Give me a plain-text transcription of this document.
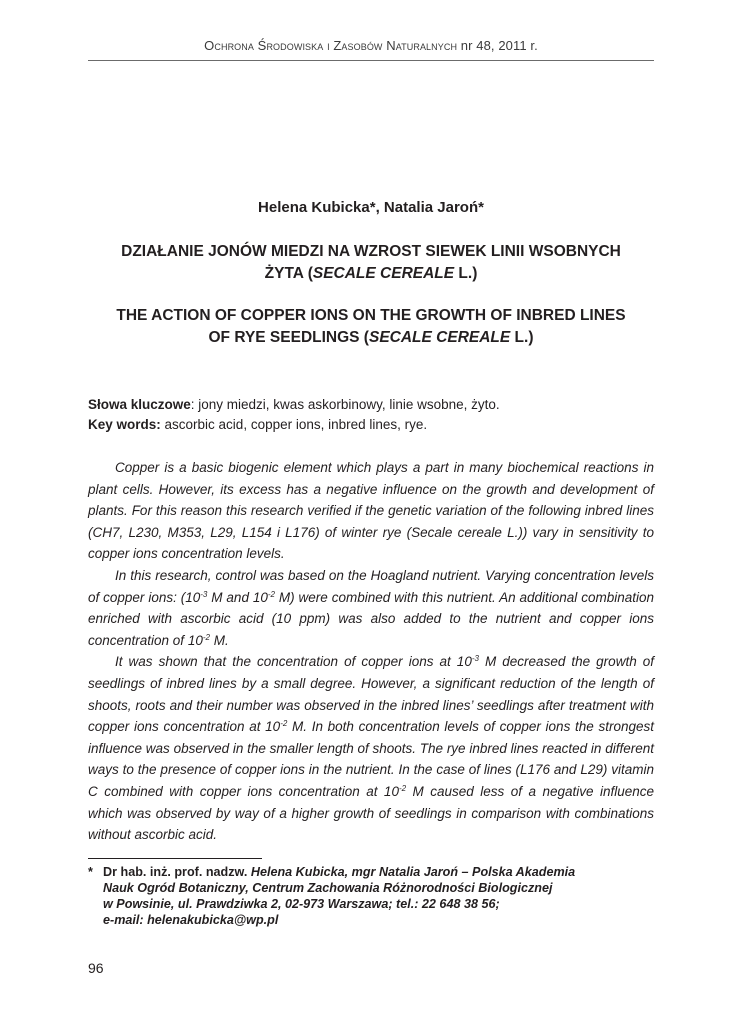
Ochrona Środowiska i Zasobów Naturalnych nr 48, 2011 r.
Helena Kubicka*, Natalia Jaroń*
DZIAŁANIE JONÓW MIEDZI NA WZROST SIEWEK LINII WSOBNYCH
ŻYTA (SECALE CEREALE L.)
THE ACTION OF COPPER IONS ON THE GROWTH OF INBRED LINES
OF RYE SEEDLINGS (SECALE CEREALE L.)
Słowa kluczowe: jony miedzi, kwas askorbinowy, linie wsobne, żyto.
Key words: ascorbic acid, copper ions, inbred lines, rye.

Copper is a basic biogenic element which plays a part in many biochemical reactions in plant cells. However, its excess has a negative influence on the growth and development of plants. For this reason this research verified if the genetic variation of the following inbred lines (CH7, L230, M353, L29, L154 i L176) of winter rye (Secale cereale L.)) vary in sensitivity to copper ions concentration levels.

In this research, control was based on the Hoagland nutrient. Varying concentration levels of copper ions: ($10^{-3}$ M and $10^{-2}$ M) were combined with this nutrient. An additional combination enriched with ascorbic acid (10 ppm) was also added to the nutrient and copper ions concentration of $10^{-2}$ M.

It was shown that the concentration of copper ions at $10^{-3}$ M decreased the growth of seedlings of inbred lines by a small degree. However, a significant reduction of the length of shoots, roots and their number was observed in the inbred lines’ seedlings after treatment with copper ions concentration at $10^{-2}$ M. In both concentration levels of copper ions the strongest influence was observed in the smaller length of shoots. The rye inbred lines reacted in different ways to the presence of copper ions in the nutrient. In the case of lines (L176 and L29) vitamin C combined with copper ions concentration at $10^{-2}$ M caused less of a negative influence which was observed by way of a higher growth of seedlings in comparison with combinations without ascorbic acid.

* Dr hab. inż. prof. nadzw. Helena Kubicka, mgr Natalia Jaroń – Polska Akademia
Nauk Ogród Botaniczny, Centrum Zachowania Różnorodności Biologicznej
w Powsinie, ul. Prawdziwka 2, 02-973 Warszawa; tel.: 22 648 38 56;
e-mail: helenakubicka@wp.pl
96
